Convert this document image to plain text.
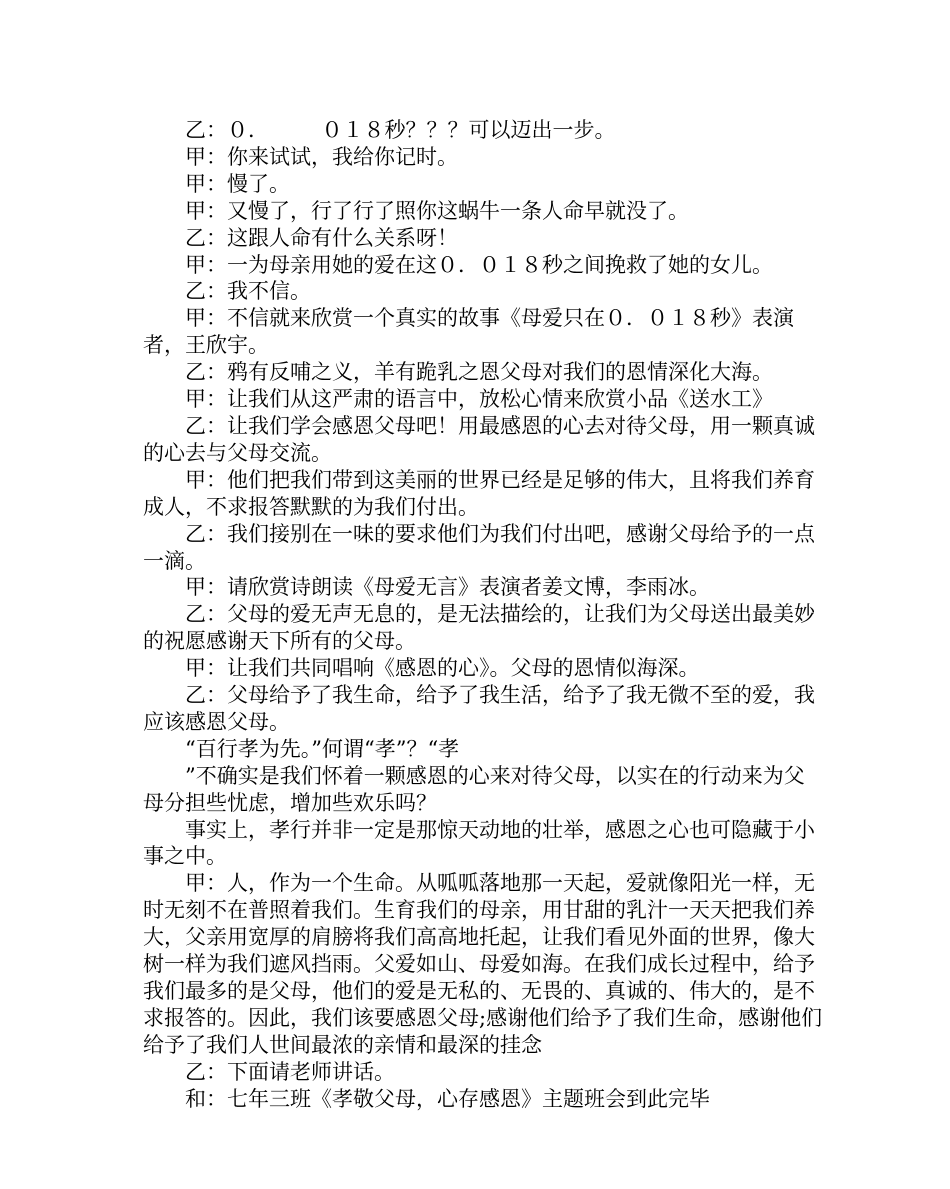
乙：０．　　　０１８秒？？？可以迈出一步。

甲：你来试试，我给你记时。

甲：慢了。

甲：又慢了，行了行了照你这蜗牛一条人命早就没了。

乙：这跟人命有什么关系呀！

甲：一为母亲用她的爱在这０．０１８秒之间挽救了她的女儿。

乙：我不信。

甲：不信就来欣赏一个真实的故事《母爱只在０．０１８秒》表演者，王欣宇。

乙：鸦有反哺之义，羊有跪乳之恩父母对我们的恩情深化大海。

甲：让我们从这严肃的语言中，放松心情来欣赏小品《送水工》

乙：让我们学会感恩父母吧！用最感恩的心去对待父母，用一颗真诚的心去与父母交流。

甲：他们把我们带到这美丽的世界已经是足够的伟大，且将我们养育成人，不求报答默默的为我们付出。

乙：我们接别在一味的要求他们为我们付出吧，感谢父母给予的一点一滴。

甲：请欣赏诗朗读《母爱无言》表演者姜文博，李雨冰。

乙：父母的爱无声无息的，是无法描绘的，让我们为父母送出最美妙的祝愿感谢天下所有的父母。

甲：让我们共同唱响《感恩的心》。父母的恩情似海深。

乙：父母给予了我生命，给予了我生活，给予了我无微不至的爱，我应该感恩父母。

“百行孝为先。”何谓“孝”？“孝

”不确实是我们怀着一颗感恩的心来对待父母，以实在的行动来为父母分担些忧虑，增加些欢乐吗？

事实上，孝行并非一定是那惊天动地的壮举，感恩之心也可隐藏于小事之中。

甲：人，作为一个生命。从呱呱落地那一天起，爱就像阳光一样，无时无刻不在普照着我们。生育我们的母亲，用甘甜的乳汁一天天把我们养大，父亲用宽厚的肩膀将我们高高地托起，让我们看见外面的世界，像大树一样为我们遮风挡雨。父爱如山、母爱如海。在我们成长过程中，给予我们最多的是父母，他们的爱是无私的、无畏的、真诚的、伟大的，是不求报答的。因此，我们该要感恩父母;感谢他们给予了我们生命，感谢他们给予了我们人世间最浓的亲情和最深的挂念

乙：下面请老师讲话。

和：七年三班《孝敬父母，心存感恩》主题班会到此完毕
